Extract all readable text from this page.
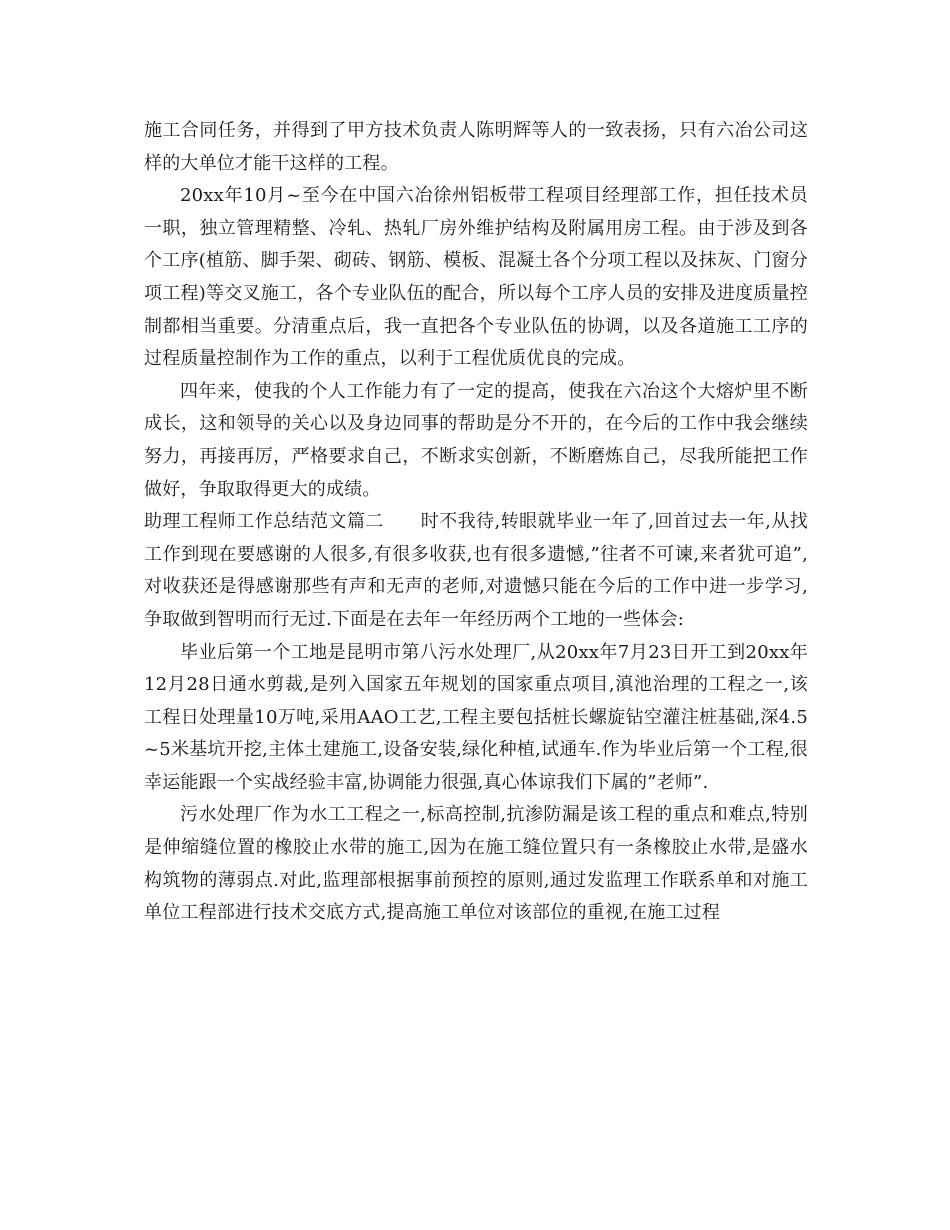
施工合同任务，并得到了甲方技术负责人陈明辉等人的一致表扬，只有六冶公司这样的大单位才能干这样的工程。

20xx年10月~至今在中国六冶徐州铝板带工程项目经理部工作，担任技术员一职，独立管理精整、冷轧、热轧厂房外维护结构及附属用房工程。由于涉及到各个工序(植筋、脚手架、砌砖、钢筋、模板、混凝土各个分项工程以及抹灰、门窗分项工程)等交叉施工，各个专业队伍的配合，所以每个工序人员的安排及进度质量控制都相当重要。分清重点后，我一直把各个专业队伍的协调，以及各道施工工序的过程质量控制作为工作的重点，以利于工程优质优良的完成。

四年来，使我的个人工作能力有了一定的提高，使我在六冶这个大熔炉里不断成长，这和领导的关心以及身边同事的帮助是分不开的，在今后的工作中我会继续努力，再接再厉，严格要求自己，不断求实创新，不断磨炼自己，尽我所能把工作做好，争取取得更大的成绩。

助理工程师工作总结范文篇二　　时不我待,转眼就毕业一年了,回首过去一年,从找工作到现在要感谢的人很多,有很多收获,也有很多遗憾,”往者不可谏,来者犹可追”,对收获还是得感谢那些有声和无声的老师,对遗憾只能在今后的工作中进一步学习,争取做到智明而行无过.下面是在去年一年经历两个工地的一些体会:

毕业后第一个工地是昆明市第八污水处理厂,从20xx年7月23日开工到20xx年12月28日通水剪裁,是列入国家五年规划的国家重点项目,滇池治理的工程之一,该工程日处理量10万吨,采用AAO工艺,工程主要包括桩长螺旋钻空灌注桩基础,深4.5~5米基坑开挖,主体土建施工,设备安装,绿化种植,试通车.作为毕业后第一个工程,很幸运能跟一个实战经验丰富,协调能力很强,真心体谅我们下属的”老师”.

污水处理厂作为水工工程之一,标高控制,抗渗防漏是该工程的重点和难点,特别是伸缩缝位置的橡胶止水带的施工,因为在施工缝位置只有一条橡胶止水带,是盛水构筑物的薄弱点.对此,监理部根据事前预控的原则,通过发监理工作联系单和对施工单位工程部进行技术交底方式,提高施工单位对该部位的重视,在施工过程
